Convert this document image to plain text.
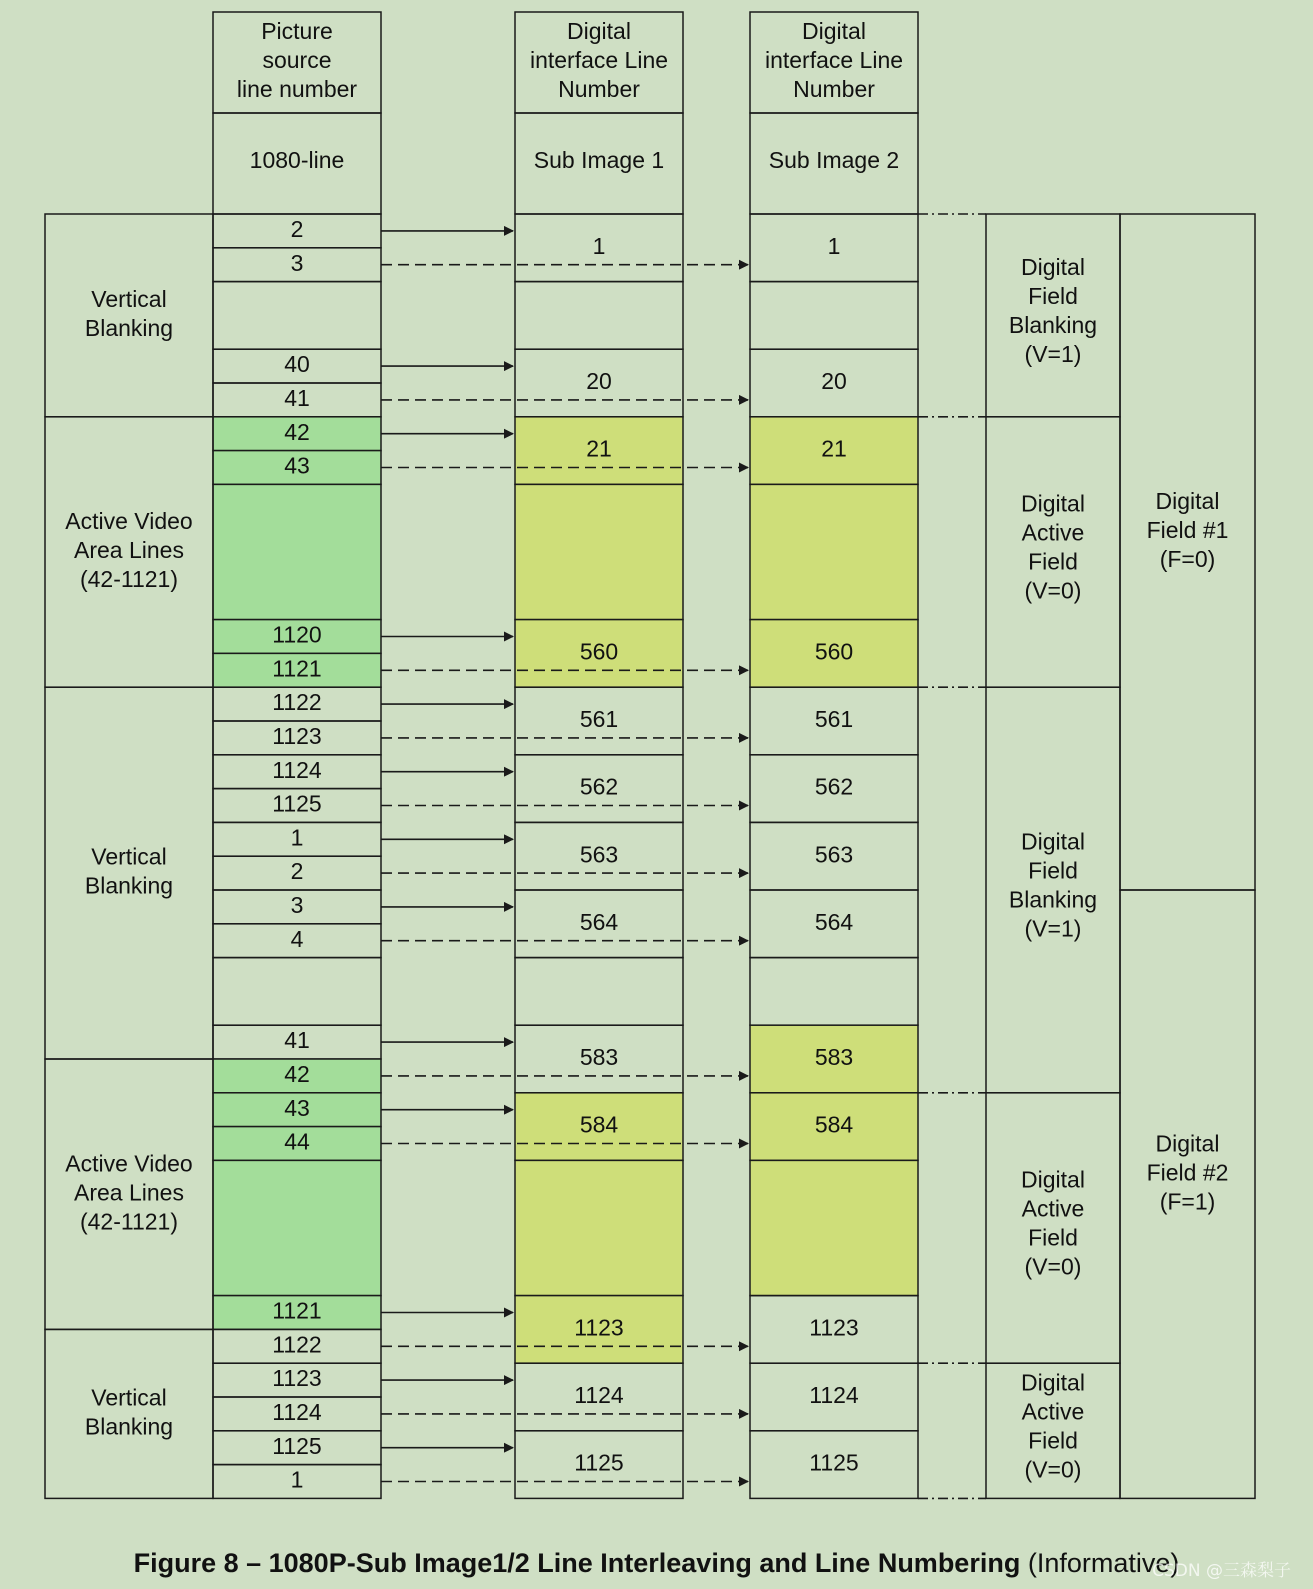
Picture
source
line number
1080-line
Digital
interface Line
Number
Sub Image 1
Digital
interface Line
Number
Sub Image 2
2
3
40
41
42
43
1120
1121
1122
1123
1124
1125
1
2
3
4
41
42
43
44
1121
1122
1123
1124
1125
1
Vertical
Blanking
Active Video
Area Lines
(42-1121)
Vertical
Blanking
Active Video
Area Lines
(42-1121)
Vertical
Blanking
1
20
21
560
561
562
563
564
583
584
1123
1124
1125
1
20
21
560
561
562
563
564
583
584
1123
1124
1125
Digital
Field
Blanking
(V=1)
Digital
Active
Field
(V=0)
Digital
Field
Blanking
(V=1)
Digital
Active
Field
(V=0)
Digital
Active
Field
(V=0)
Digital
Field #1
(F=0)
Digital
Field #2
(F=1)
Figure 8 – 1080P-Sub Image1/2 Line Interleaving and Line Numbering (Informative)
CSDN @三森梨子
